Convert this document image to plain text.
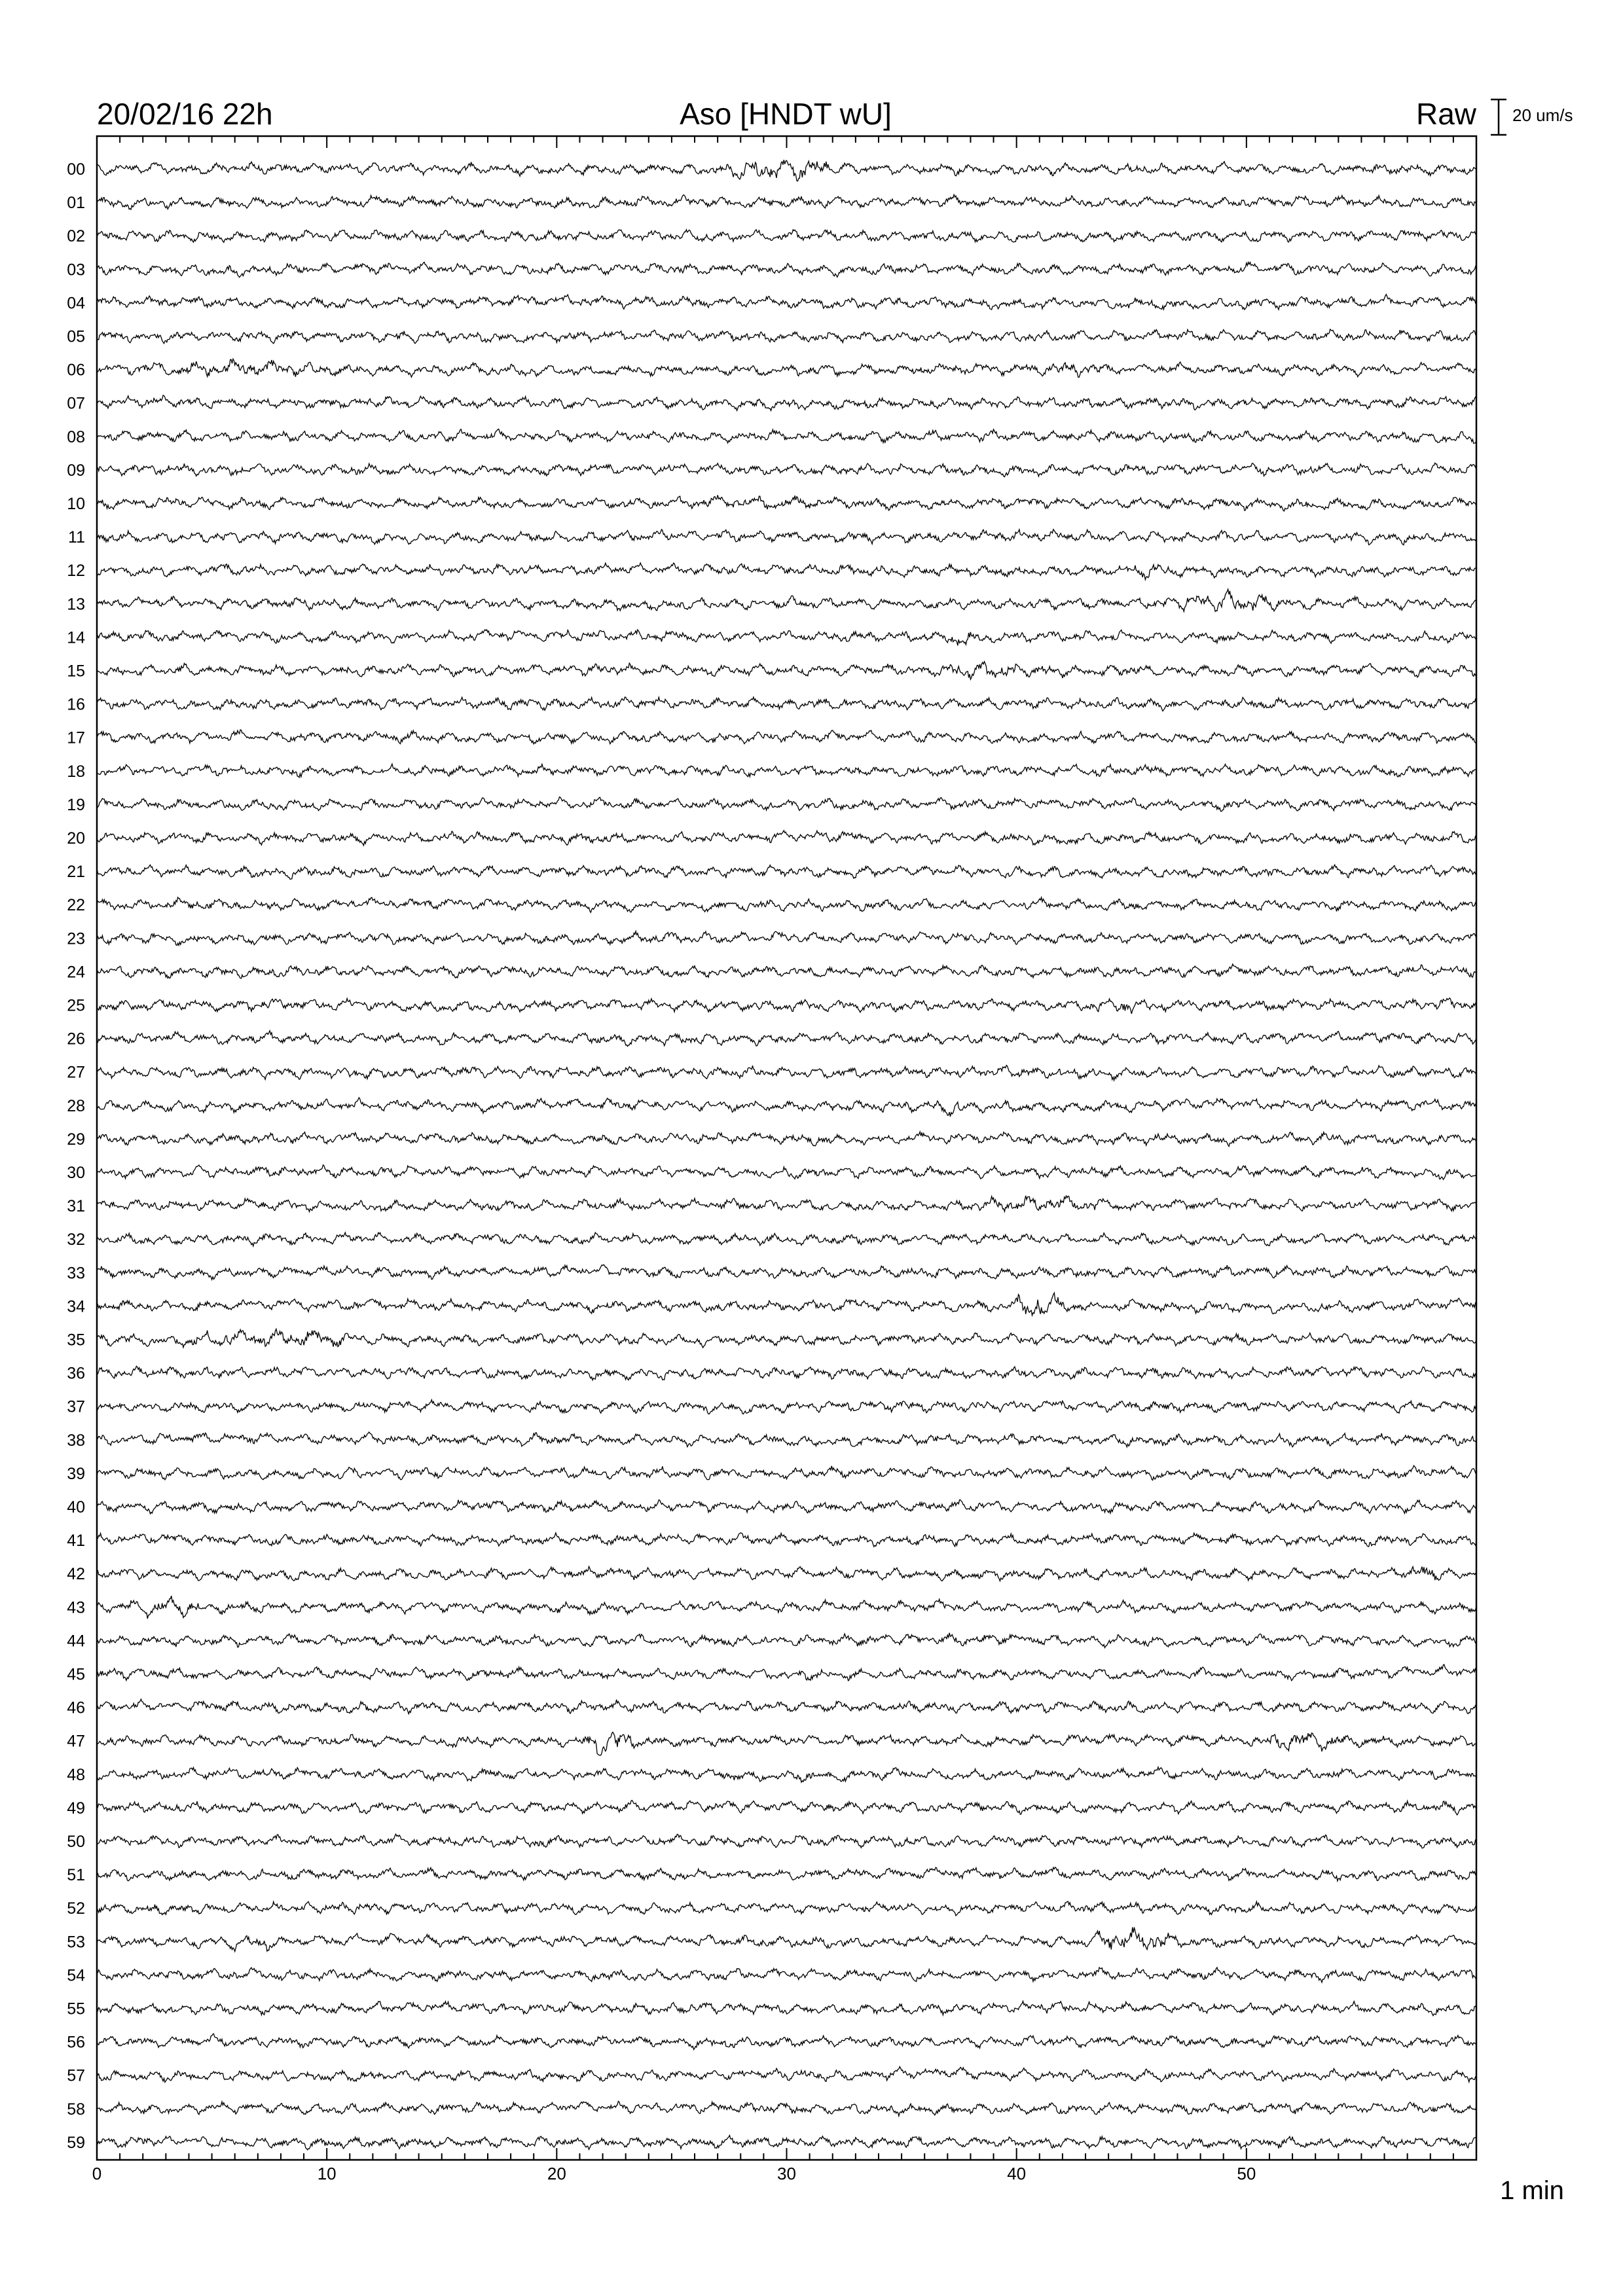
20/02/16 22h	Aso [HNDT wU]	Raw 20 um/s
00
01
02
03
04
05
06
07
08
09
10
11
12
13
14
15
16
17
18
19
20
21
22
23
24
25
26
27
28
29
30
31
32
33
34
35
36
37
38
39
40
41
42
43
44
45
46
47
48
49
50
51
52
53
54
55
56
57
58
59
0	10	20	30	40	50
1 min
